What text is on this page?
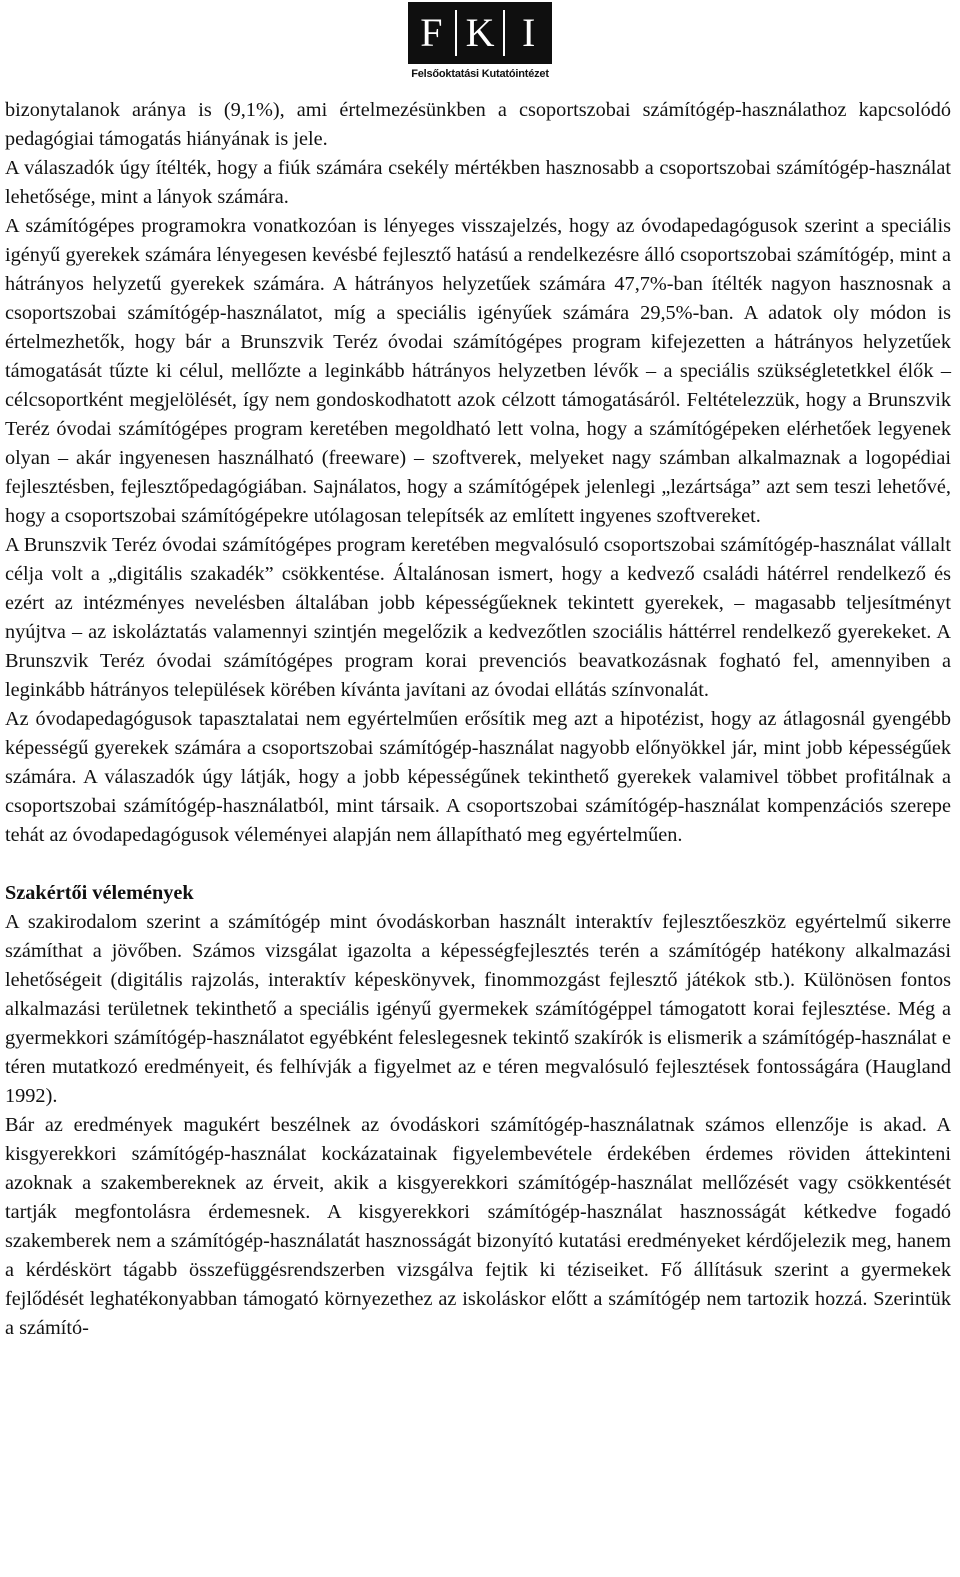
F K I
Felsőoktatási Kutatóintézet

bizonytalanok aránya is (9,1%), ami értelmezésünkben a csoportszobai számítógép-használathoz kapcsolódó pedagógiai támogatás hiányának is jele.

A válaszadók úgy ítélték, hogy a fiúk számára csekély mértékben hasznosabb a csoportszobai számítógép-használat lehetősége, mint a lányok számára.

A számítógépes programokra vonatkozóan is lényeges visszajelzés, hogy az óvodapedagógusok szerint a speciális igényű gyerekek számára lényegesen kevésbé fejlesztő hatású a rendelkezésre álló csoportszobai számítógép, mint a hátrányos helyzetű gyerekek számára. A hátrányos helyzetűek számára 47,7%-ban ítélték nagyon hasznosnak a csoportszobai számítógép-használatot, míg a speciális igényűek számára 29,5%-ban. A adatok oly módon is értelmezhetők, hogy bár a Brunszvik Teréz óvodai számítógépes program kifejezetten a hátrányos helyzetűek támogatását tűzte ki célul, mellőzte a leginkább hátrányos helyzetben lévők – a speciális szükségletetkkel élők – célcsoportként megjelölését, így nem gondoskodhatott azok célzott támogatásáról. Feltételezzük, hogy a Brunszvik Teréz óvodai számítógépes program keretében megoldható lett volna, hogy a számítógépeken elérhetőek legyenek olyan – akár ingyenesen használható (freeware) – szoftverek, melyeket nagy számban alkalmaznak a logopédiai fejlesztésben, fejlesztőpedagógiában. Sajnálatos, hogy a számítógépek jelenlegi „lezártsága” azt sem teszi lehetővé, hogy a csoportszobai számítógépekre utólagosan telepítsék az említett ingyenes szoftvereket.

A Brunszvik Teréz óvodai számítógépes program keretében megvalósuló csoportszobai számítógép-használat vállalt célja volt a „digitális szakadék” csökkentése. Általánosan ismert, hogy a kedvező családi hátérrel rendelkező és ezért az intézményes nevelésben általában jobb képességűeknek tekintett gyerekek, – magasabb teljesítményt nyújtva – az iskoláztatás valamennyi szintjén megelőzik a kedvezőtlen szociális háttérrel rendelkező gyerekeket. A Brunszvik Teréz óvodai számítógépes program korai prevenciós beavatkozásnak fogható fel, amennyiben a leginkább hátrányos települések körében kívánta javítani az óvodai ellátás színvonalát.

Az óvodapedagógusok tapasztalatai nem egyértelműen erősítik meg azt a hipotézist, hogy az átlagosnál gyengébb képességű gyerekek számára a csoportszobai számítógép-használat nagyobb előnyökkel jár, mint jobb képességűek számára. A válaszadók úgy látják, hogy a jobb képességűnek tekinthető gyerekek valamivel többet profitálnak a csoportszobai számítógép-használatból, mint társaik. A csoportszobai számítógép-használat kompenzációs szerepe tehát az óvodapedagógusok véleményei alapján nem állapítható meg egyértelműen.

Szakértői vélemények

A szakirodalom szerint a számítógép mint óvodáskorban használt interaktív fejlesztőeszköz egyértelmű sikerre számíthat a jövőben. Számos vizsgálat igazolta a képességfejlesztés terén a számítógép hatékony alkalmazási lehetőségeit (digitális rajzolás, interaktív képeskönyvek, finommozgást fejlesztő játékok stb.). Különösen fontos alkalmazási területnek tekinthető a speciális igényű gyermekek számítógéppel támogatott korai fejlesztése. Még a gyermekkori számítógép-használatot egyébként feleslegesnek tekintő szakírók is elismerik a számítógép-használat e téren mutatkozó eredményeit, és felhívják a figyelmet az e téren megvalósuló fejlesztések fontosságára (Haugland 1992).

Bár az eredmények magukért beszélnek az óvodáskori számítógép-használatnak számos ellenzője is akad. A kisgyerekkori számítógép-használat kockázatainak figyelembevétele érdekében érdemes röviden áttekinteni azoknak a szakembereknek az érveit, akik a kisgyerekkori számítógép-használat mellőzését vagy csökkentését tartják megfontolásra érdemesnek. A kisgyerekkori számítógép-használat hasznosságát kétkedve fogadó szakemberek nem a számítógép-használatát hasznosságát bizonyító kutatási eredményeket kérdőjelezik meg, hanem a kérdéskört tágabb összefüggésrendszerben vizsgálva fejtik ki téziseiket. Fő állításuk szerint a gyermekek fejlődését leghatékonyabban támogató környezethez az iskoláskor előtt a számítógép nem tartozik hozzá. Szerintük a számító-
